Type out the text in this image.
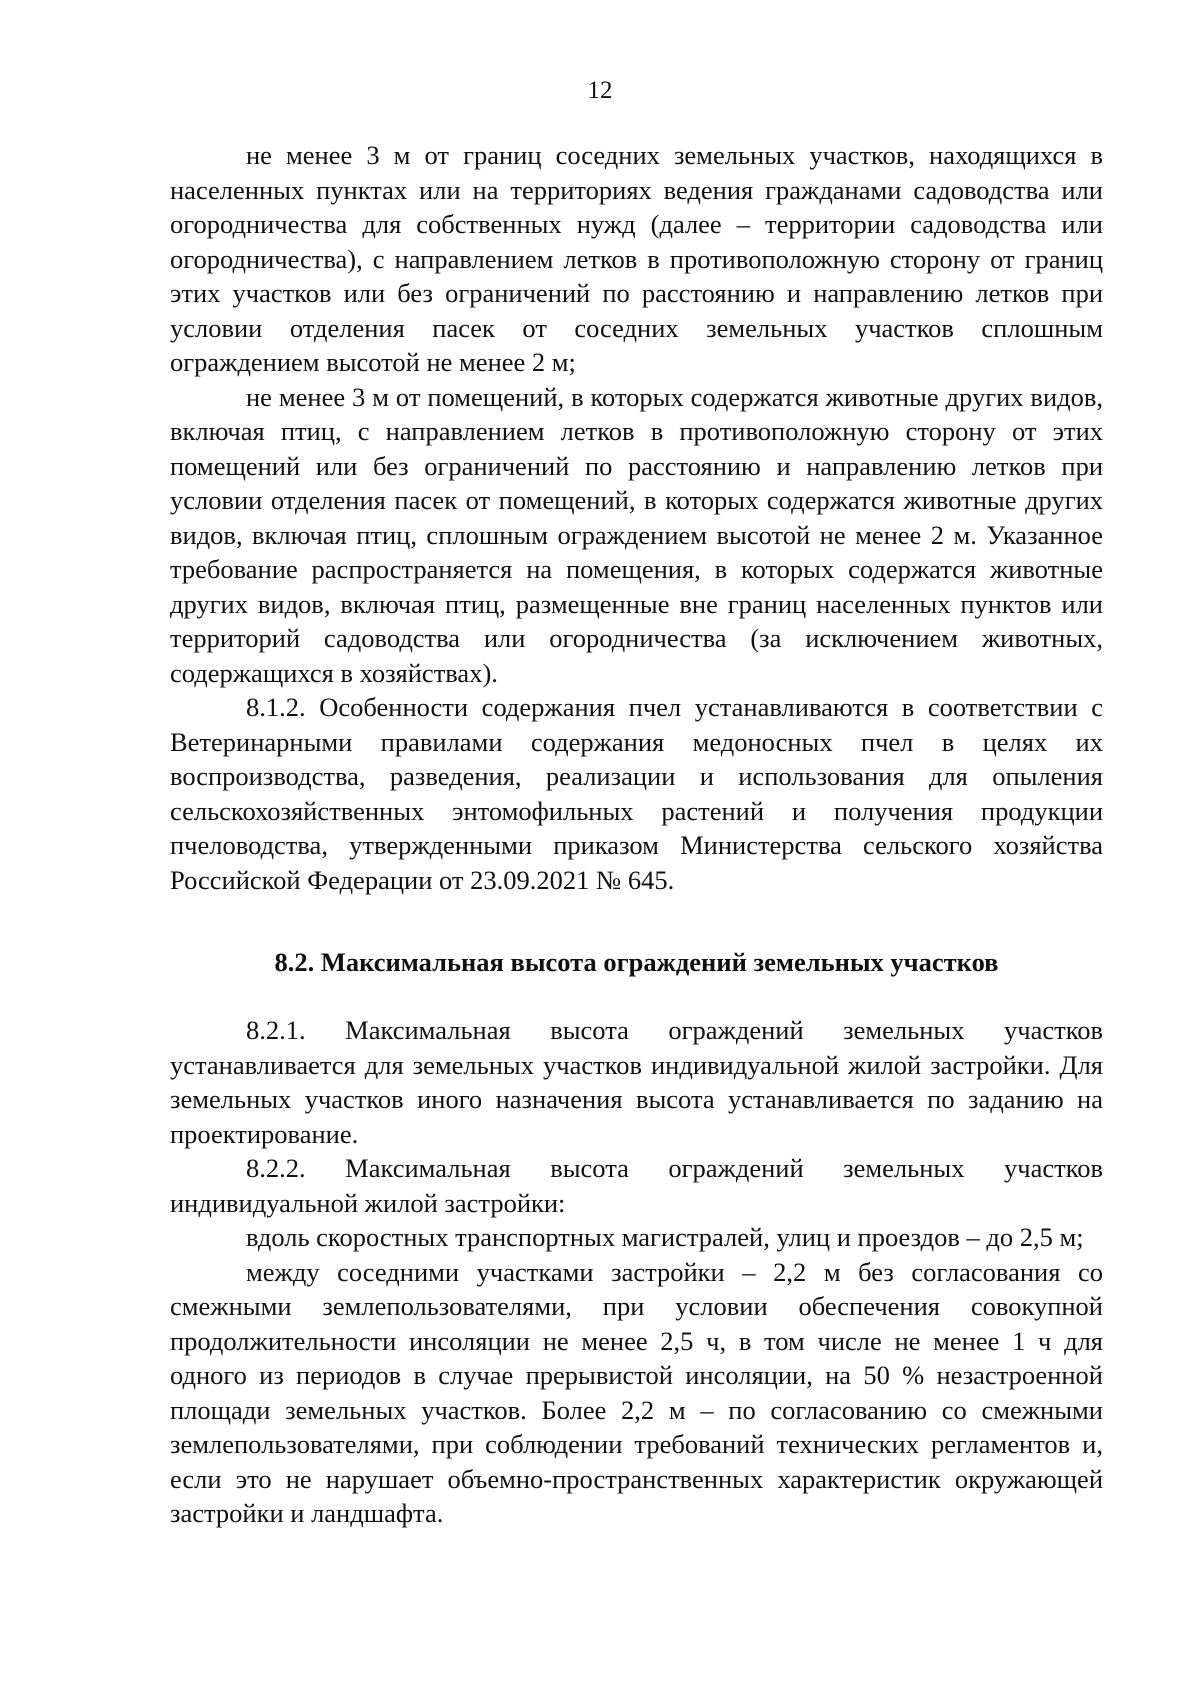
12

не менее 3 м от границ соседних земельных участков, находящихся в населенных пунктах или на территориях ведения гражданами садоводства или огородничества для собственных нужд (далее – территории садоводства или огородничества), с направлением летков в противоположную сторону от границ этих участков или без ограничений по расстоянию и направлению летков при условии отделения пасек от соседних земельных участков сплошным ограждением высотой не менее 2 м;

не менее 3 м от помещений, в которых содержатся животные других видов, включая птиц, с направлением летков в противоположную сторону от этих помещений или без ограничений по расстоянию и направлению летков при условии отделения пасек от помещений, в которых содержатся животные других видов, включая птиц, сплошным ограждением высотой не менее 2 м. Указанное требование распространяется на помещения, в которых содержатся животные других видов, включая птиц, размещенные вне границ населенных пунктов или территорий садоводства или огородничества (за исключением животных, содержащихся в хозяйствах).

8.1.2. Особенности содержания пчел устанавливаются в соответствии с Ветеринарными правилами содержания медоносных пчел в целях их воспроизводства, разведения, реализации и использования для опыления сельскохозяйственных энтомофильных растений и получения продукции пчеловодства, утвержденными приказом Министерства сельского хозяйства Российской Федерации от 23.09.2021 № 645.

8.2. Максимальная высота ограждений земельных участков

8.2.1. Максимальная высота ограждений земельных участков устанавливается для земельных участков индивидуальной жилой застройки. Для земельных участков иного назначения высота устанавливается по заданию на проектирование.

8.2.2. Максимальная высота ограждений земельных участков индивидуальной жилой застройки:

вдоль скоростных транспортных магистралей, улиц и проездов – до 2,5 м;

между соседними участками застройки – 2,2 м без согласования со смежными землепользователями, при условии обеспечения совокупной продолжительности инсоляции не менее 2,5 ч, в том числе не менее 1 ч для одного из периодов в случае прерывистой инсоляции, на 50 % незастроенной площади земельных участков. Более 2,2 м – по согласованию со смежными землепользователями, при соблюдении требований технических регламентов и, если это не нарушает объемно-пространственных характеристик окружающей застройки и ландшафта.
